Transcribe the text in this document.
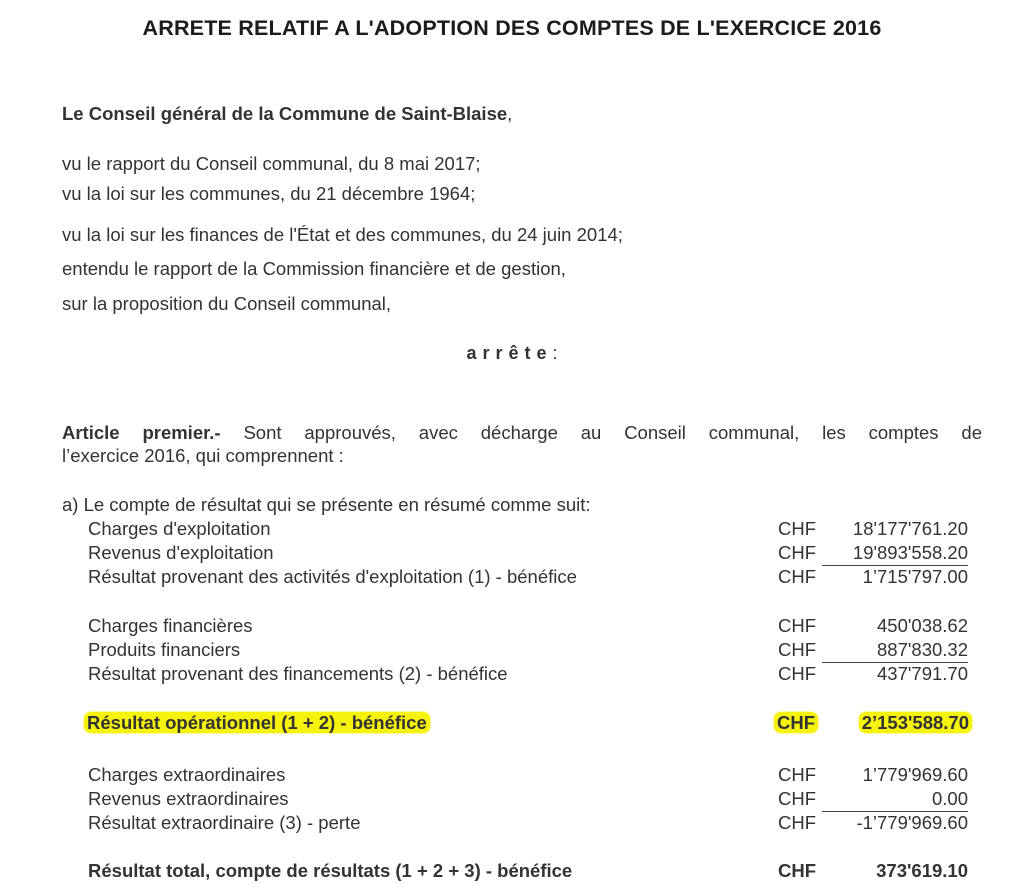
ARRETE RELATIF A L'ADOPTION DES COMPTES DE L'EXERCICE 2016
Le Conseil général de la Commune de Saint-Blaise,
vu le rapport du Conseil communal, du 8 mai 2017;
vu la loi sur les communes, du 21 décembre 1964;
vu la loi sur les finances de l'État et des communes, du 24 juin 2014;
entendu le rapport de la Commission financière et de gestion,
sur la proposition du Conseil communal,
arrête:
Article premier.- Sont approuvés, avec décharge au Conseil communal, les comptes de
l’exercice 2016, qui comprennent :
a) Le compte de résultat qui se présente en résumé comme suit:
Charges d'exploitation	CHF 18'177'761.20
Revenus d'exploitation	CHF 19'893'558.20
Résultat provenant des activités d'exploitation (1) - bénéfice	CHF	1’715'797.00
Charges financières	CHF	450'038.62
Produits financiers	CHF	887'830.32
Résultat provenant des financements (2) - bénéfice	CHF	437'791.70
Résultat opérationnel (1 + 2) - bénéfice	CHF	2’153'588.70
Charges extraordinaires	CHF	1’779'969.60
Revenus extraordinaires	CHF	0.00
Résultat extraordinaire (3) - perte	CHF -1’779'969.60
Résultat total, compte de résultats (1 + 2 + 3) - bénéfice	CHF	373'619.10
